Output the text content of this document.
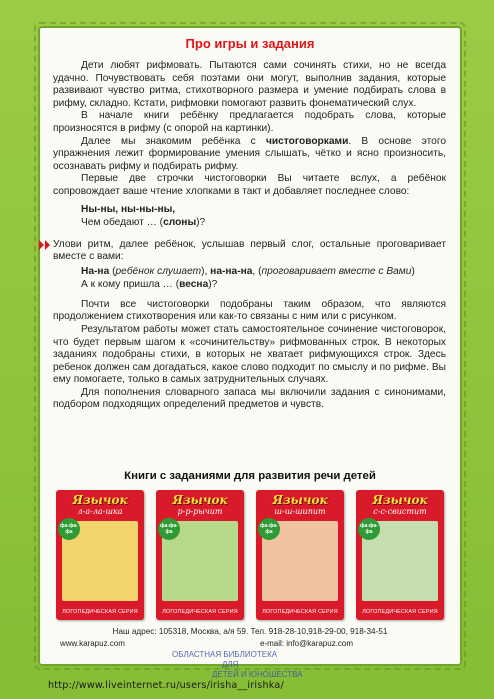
Про игры и задания

Дети любят рифмовать. Пытаются сами сочинять стихи, но не всегда удачно. Почувствовать себя поэтами они могут, выполнив задания, которые развивают чувство ритма, стихотворного размера и умение подбирать слова в рифму, складно. Кстати, рифмовки помогают развить фонематический слух.

В начале книги ребёнку предлагается подобрать слова, которые произносятся в рифму (с опорой на картинки).

Далее мы знакомим ребёнка с чистоговорками. В основе этого упражнения лежит формирование умения слышать, чётко и ясно произносить, осознавать рифму и подбирать рифму.

Первые две строчки чистоговорки Вы читаете вслух, а ребёнок сопровождает ваше чтение хлопками в такт и добавляет последнее слово:

Ны-ны, ны-ны-ны,
Чем обедают … (слоны)?

Улови ритм, далее ребёнок, услышав первый слог, остальные проговаривает вместе с вами:

На-на (ребёнок слушает), на-на-на, (проговаривает вместе с Вами)
А к кому пришла … (весна)?

Почти все чистоговорки подобраны таким образом, что являются продолжением стихотворения или как-то связаны с ним или с рисунком.

Результатом работы может стать самостоятельное сочинение чистоговорок, что будет первым шагом к «сочинительству» рифмованных строк. В некоторых заданиях подобраны стихи, в которых не хватает рифмующихся строк. Здесь ребенок должен сам догадаться, какое слово подходит по смыслу и по рифме. Вы ему помогаете, только в самых затруднительных случаях.

Для пополнения словарного запаса мы включили задания с синонимами, подбором подходящих определений предметов и чувств.

Книги с заданиями для развития речи детей
Язычок
л-а-ла-шка
фа-фа-фа
ЛОГОПЕДИЧЕСКАЯ СЕРИЯ
Язычок
р-р-рычит
фа-фа-фа
ЛОГОПЕДИЧЕСКАЯ СЕРИЯ
Язычок
ш-ш-шипит
фа-фа-фа
ЛОГОПЕДИЧЕСКАЯ СЕРИЯ
Язычок
с-с-свистит
фа-фа-фа
ЛОГОПЕДИЧЕСКАЯ СЕРИЯ
Наш адрес: 105318, Москва, а/я 59. Тел. 918-28-10,918-29-00, 918-34-51
www.karapuz.com	e-mail: info@karapuz.com
ОБЛАСТНАЯ БИБЛИОТЕКА
ДЛЯ
ДЕТЕЙ И ЮНОШЕСТВА
http://www.liveinternet.ru/users/irisha__irishka/
